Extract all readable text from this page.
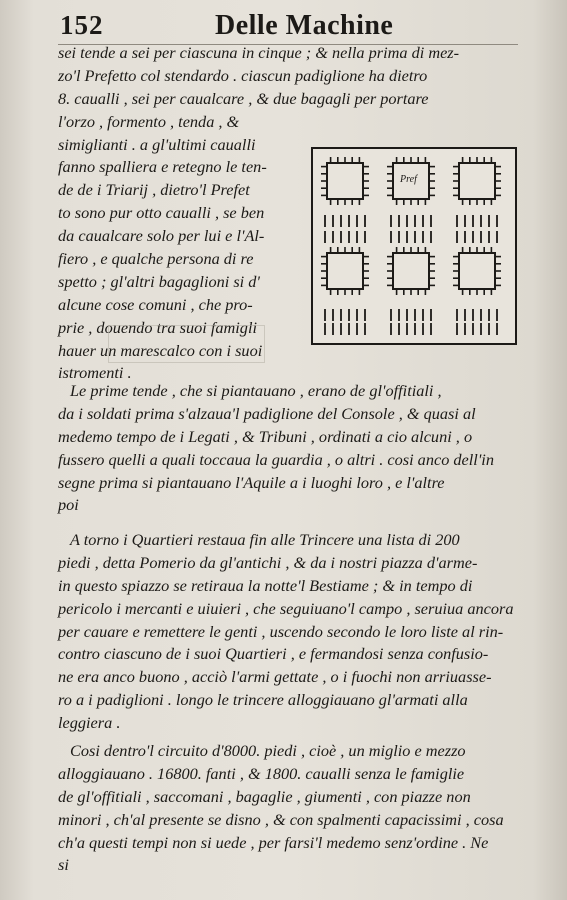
152	Delle Machine
sei tende a sei per ciascuna in cinque ; & nella prima di mez-
zo'l Prefetto col stendardo . ciascun padiglione ha dietro
8. caualli , sei per caualcare , & due bagagli per portare
l'orzo , formento , tenda , &
simiglianti . a gl'ultimi caualli
fanno spalliera e retegno le ten-
de de i Triarij , dietro'l Prefet
to sono pur otto caualli , se ben
da caualcare solo per lui e l'Al-
fiero , e qualche persona di re
spetto ; gl'altri bagaglioni si d'
alcune cose comuni , che pro-
prie , douendo tra suoi famigli
hauer un marescalco con i suoi
istromenti .
Pref
Le prime tende , che si piantauano , erano de gl'offitiali ,
da i soldati prima s'alzaua'l padiglione del Console , & quasi al
medemo tempo de i Legati , & Tribuni , ordinati a cio alcuni , o
fussero quelli a quali toccaua la guardia , o altri . cosi anco dell'in
segne prima si piantauano l'Aquile a i luoghi loro , e l'altre
poi
A torno i Quartieri restaua fin alle Trincere una lista di 200
piedi , detta Pomerio da gl'antichi , & da i nostri piazza d'arme-
in questo spiazzo se retiraua la notte'l Bestiame ; & in tempo di
pericolo i mercanti e uiuieri , che seguiuano'l campo , seruiua ancora
per cauare e remettere le genti , uscendo secondo le loro liste al rin-
contro ciascuno de i suoi Quartieri , e fermandosi senza confusio-
ne era anco buono , acciò l'armi gettate , o i fuochi non arriuasse-
ro a i padiglioni . longo le trincere alloggiauano gl'armati alla
leggiera .
Cosi dentro'l circuito d'8000. piedi , cioè , un miglio e mezzo
alloggiauano . 16800. fanti , & 1800. caualli senza le famiglie
de gl'offitiali , saccomani , bagaglie , giumenti , con piazze non
minori , ch'al presente se disno , & con spalmenti capacissimi , cosa
ch'a questi tempi non si uede , per farsi'l medemo senz'ordine . Ne
si
